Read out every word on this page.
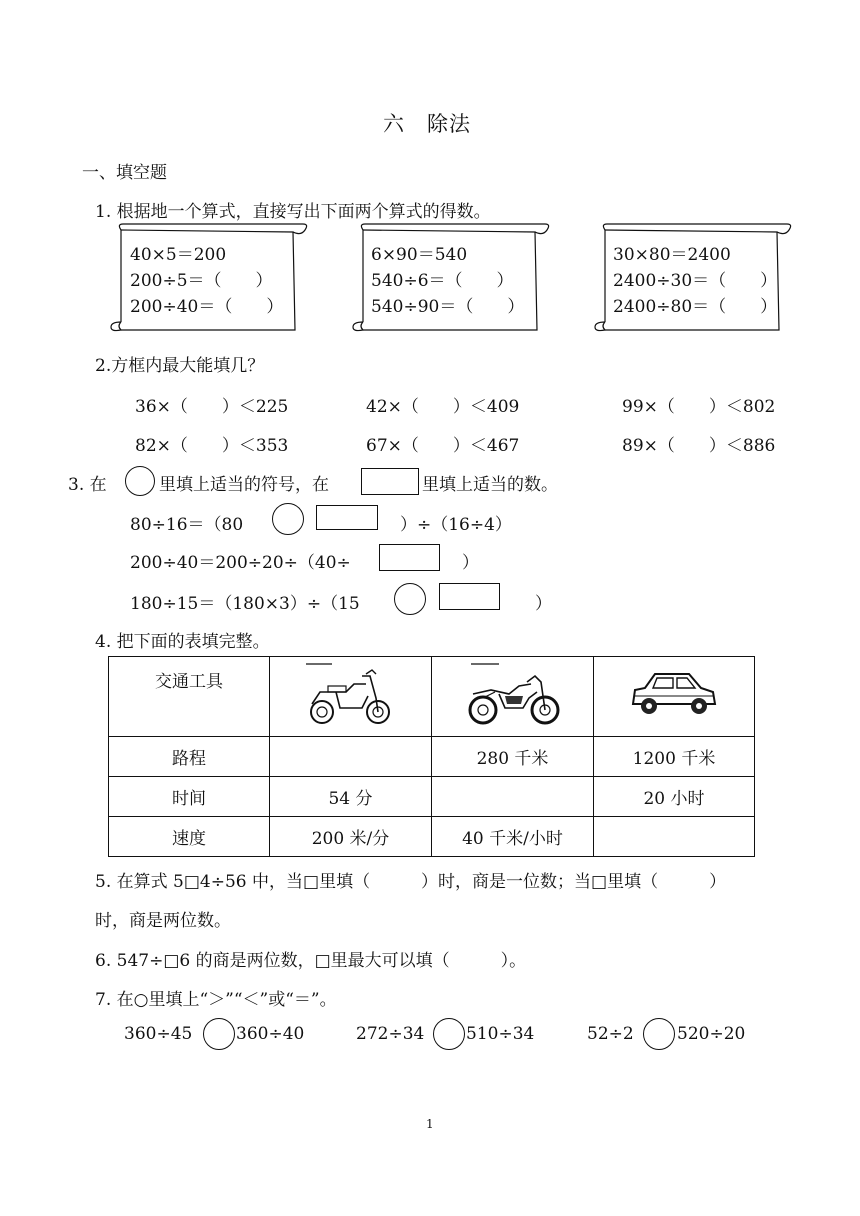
六　除法
一、填空题
1. 根据地一个算式，直接写出下面两个算式的得数。
40×5＝200
200÷5＝（　　）
200÷40＝（　　）
6×90＝540
540÷6＝（　　）
540÷90＝（　　）
30×80＝2400
2400÷30＝（　　）
2400÷80＝（　　）
2.方框内最大能填几？
36×（　　）＜225	42×（　　）＜409	99×（　　）＜802
82×（　　）＜353	67×（　　）＜467	89×（　　）＜886
3. 在	里填上适当的符号，在	里填上适当的数。
80÷16＝（80	）÷（16÷4）
200÷40＝200÷20÷（40÷	）
180÷15＝（180×3）÷（15	）
4. 把下面的表填完整。
交通工具			
路程		280 千米	1200 千米
时间	54 分		20 小时
速度	200 米/分	40 千米/小时	
5. 在算式 5□4÷56 中，当□里填（　　　）时，商是一位数；当□里填（　　　）
时，商是两位数。
6. 547÷□6 的商是两位数，□里最大可以填（　　　）。
7. 在○里填上“＞”“＜”或“＝”。
360÷45	360÷40	272÷34 510÷34	52÷2	520÷20
1
